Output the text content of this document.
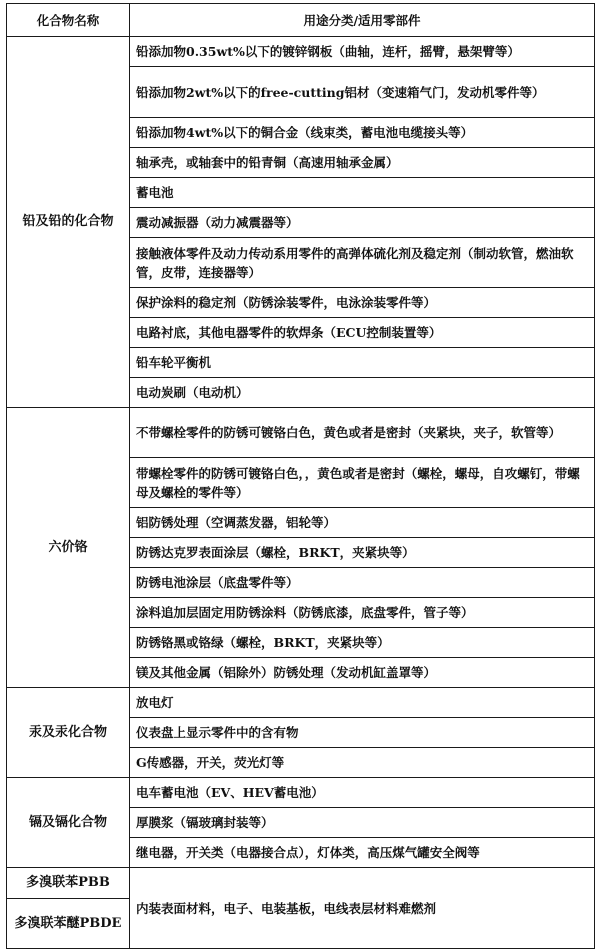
化合物名称	用途分类/适用零部件
铅及铅的化合物	铅添加物0.35wt%以下的镀锌钢板（曲轴，连杆，摇臂，悬架臂等）
	铅添加物2wt%以下的free-cutting铝材（变速箱气门，发动机零件等）
	铅添加物4wt%以下的铜合金（线束类，蓄电池电缆接头等）
	轴承壳，或轴套中的铅青铜（高速用轴承金属）
	蓄电池
	震动减振器（动力减震器等）
	接触液体零件及动力传动系用零件的高弹体硫化剂及稳定剂（制动软管，燃油软管，皮带，连接器等）
	保护涂料的稳定剂（防锈涂装零件，电泳涂装零件等）
	电路衬底，其他电器零件的软焊条（ECU控制装置等）
	铅车轮平衡机
	电动炭刷（电动机）
六价铬	不带螺栓零件的防锈可镀铬白色，黄色或者是密封（夹紧块，夹子，软管等）
	带螺栓零件的防锈可镀铬白色，，黄色或者是密封（螺栓，螺母，自攻螺钉，带螺母及螺栓的零件等）
	铝防锈处理（空调蒸发器，铝轮等）
	防锈达克罗表面涂层（螺栓，BRKT，夹紧块等）
	防锈电池涂层（底盘零件等）
	涂料追加层固定用防锈涂料（防锈底漆，底盘零件，管子等）
	防锈铬黑或铬绿（螺栓，BRKT，夹紧块等）
	镁及其他金属（铝除外）防锈处理（发动机缸盖罩等）
汞及汞化合物	放电灯
	仪表盘上显示零件中的含有物
	G传感器，开关，荧光灯等
镉及镉化合物	电车蓄电池（EV、HEV蓄电池）
	厚膜浆（镉玻璃封装等）
	继电器，开关类（电器接合点），灯体类，高压煤气罐安全阀等
多溴联苯PBB	内装表面材料，电子、电装基板，电线表层材料难燃剂
多溴联苯醚PBDE	
